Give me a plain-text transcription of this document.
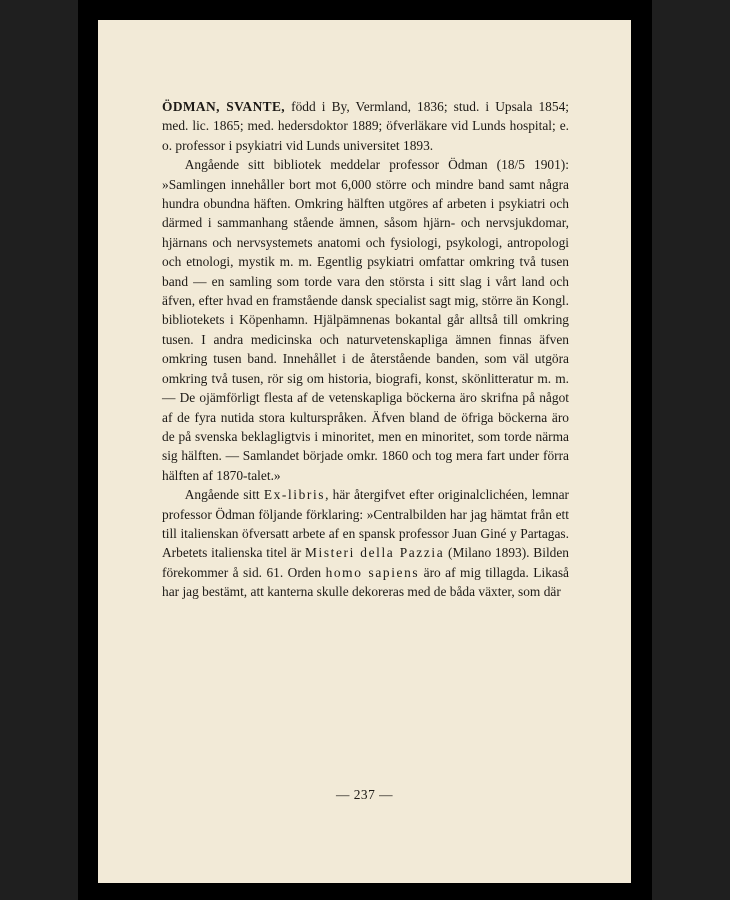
ÖDMAN, SVANTE, född i By, Vermland, 1836; stud. i Upsala 1854; med. lic. 1865; med. hedersdoktor 1889; öfverläkare vid Lunds hospital; e. o. professor i psykiatri vid Lunds universitet 1893.

Angående sitt bibliotek meddelar professor Ödman (18/5 1901): »Samlingen innehåller bort mot 6,000 större och mindre band samt några hundra obundna häften. Omkring hälften utgöres af arbeten i psykiatri och därmed i sammanhang stående ämnen, såsom hjärn- och nervsjukdomar, hjärnans och nervsystemets anatomi och fysiologi, psykologi, antropologi och etnologi, mystik m. m. Egentlig psykiatri omfattar omkring två tusen band — en samling som torde vara den största i sitt slag i vårt land och äfven, efter hvad en framstående dansk specialist sagt mig, större än Kongl. bibliotekets i Köpenhamn. Hjälpämnenas bokantal går alltså till omkring tusen. I andra medicinska och naturvetenskapliga ämnen finnas äfven omkring tusen band. Innehållet i de återstående banden, som väl utgöra omkring två tusen, rör sig om historia, biografi, konst, skönlitteratur m. m. — De ojämförligt flesta af de vetenskapliga böckerna äro skrifna på något af de fyra nutida stora kulturspråken. Äfven bland de öfriga böckerna äro de på svenska beklagligtvis i minoritet, men en minoritet, som torde närma sig hälften. — Samlandet började omkr. 1860 och tog mera fart under förra hälften af 1870-talet.»

Angående sitt Ex-libris, här återgifvet efter originalclichéen, lemnar professor Ödman följande förklaring: »Centralbilden har jag hämtat från ett till italienskan öfversatt arbete af en spansk professor Juan Giné y Partagas. Arbetets italienska titel är Misteri della Pazzia (Milano 1893). Bilden förekommer å sid. 61. Orden homo sapiens äro af mig tillagda. Likaså har jag bestämt, att kanterna skulle dekoreras med de båda växter, som där

— 237 —
